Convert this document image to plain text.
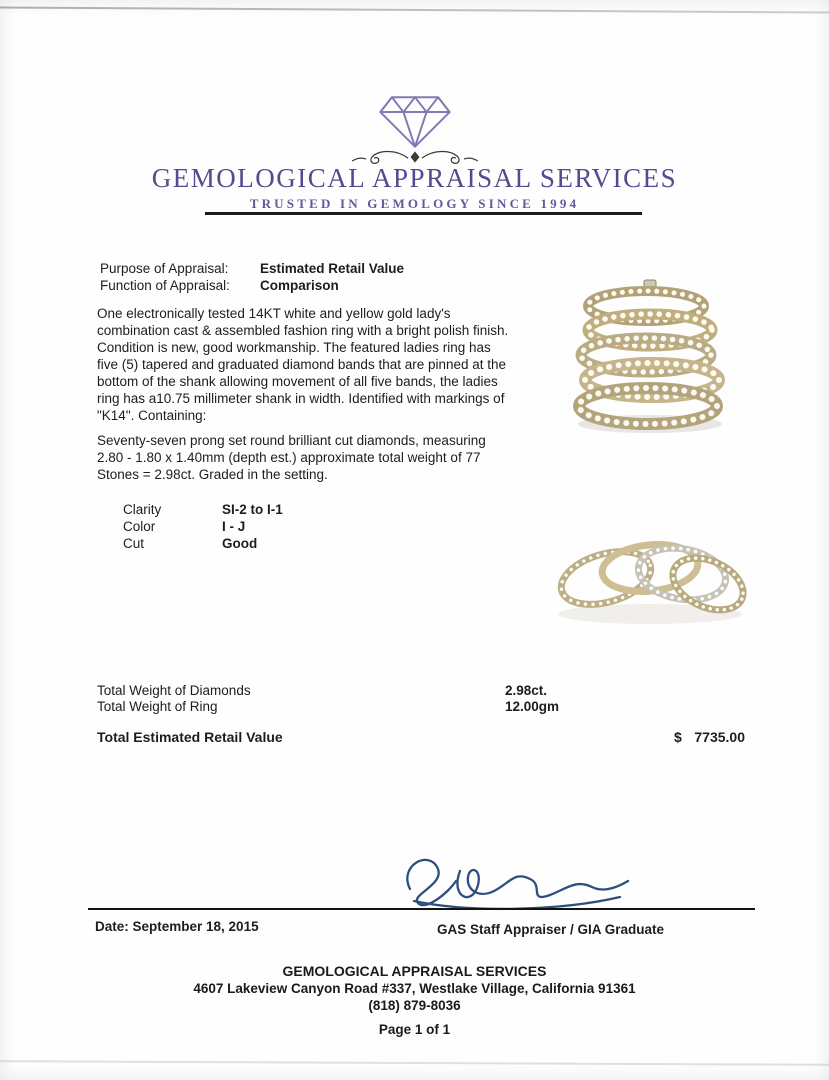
GEMOLOGICAL APPRAISAL SERVICES
TRUSTED IN GEMOLOGY SINCE 1994
Purpose of Appraisal:	Estimated Retail Value
Function of Appraisal:	Comparison
One electronically tested 14KT white and yellow gold lady's combination cast & assembled fashion ring with a bright polish finish. Condition is new, good workmanship. The featured ladies ring has five (5) tapered and graduated diamond bands that are pinned at the bottom of the shank allowing movement of all five bands, the ladies ring has a10.75 millimeter shank in width. Identified with markings of "K14". Containing:
Seventy-seven prong set round brilliant cut diamonds, measuring 2.80 - 1.80 x 1.40mm (depth est.) approximate total weight of 77 Stones = 2.98ct. Graded in the setting.
Clarity	SI-2 to I-1
Color	I - J
Cut	Good
Total Weight of Diamonds	2.98ct.
Total Weight of Ring	12.00gm
Total Estimated Retail Value	$ 7735.00
Date: September 18, 2015	GAS Staff Appraiser / GIA Graduate
GEMOLOGICAL APPRAISAL SERVICES
4607 Lakeview Canyon Road #337, Westlake Village, California 91361
(818) 879-8036
Page 1 of 1
